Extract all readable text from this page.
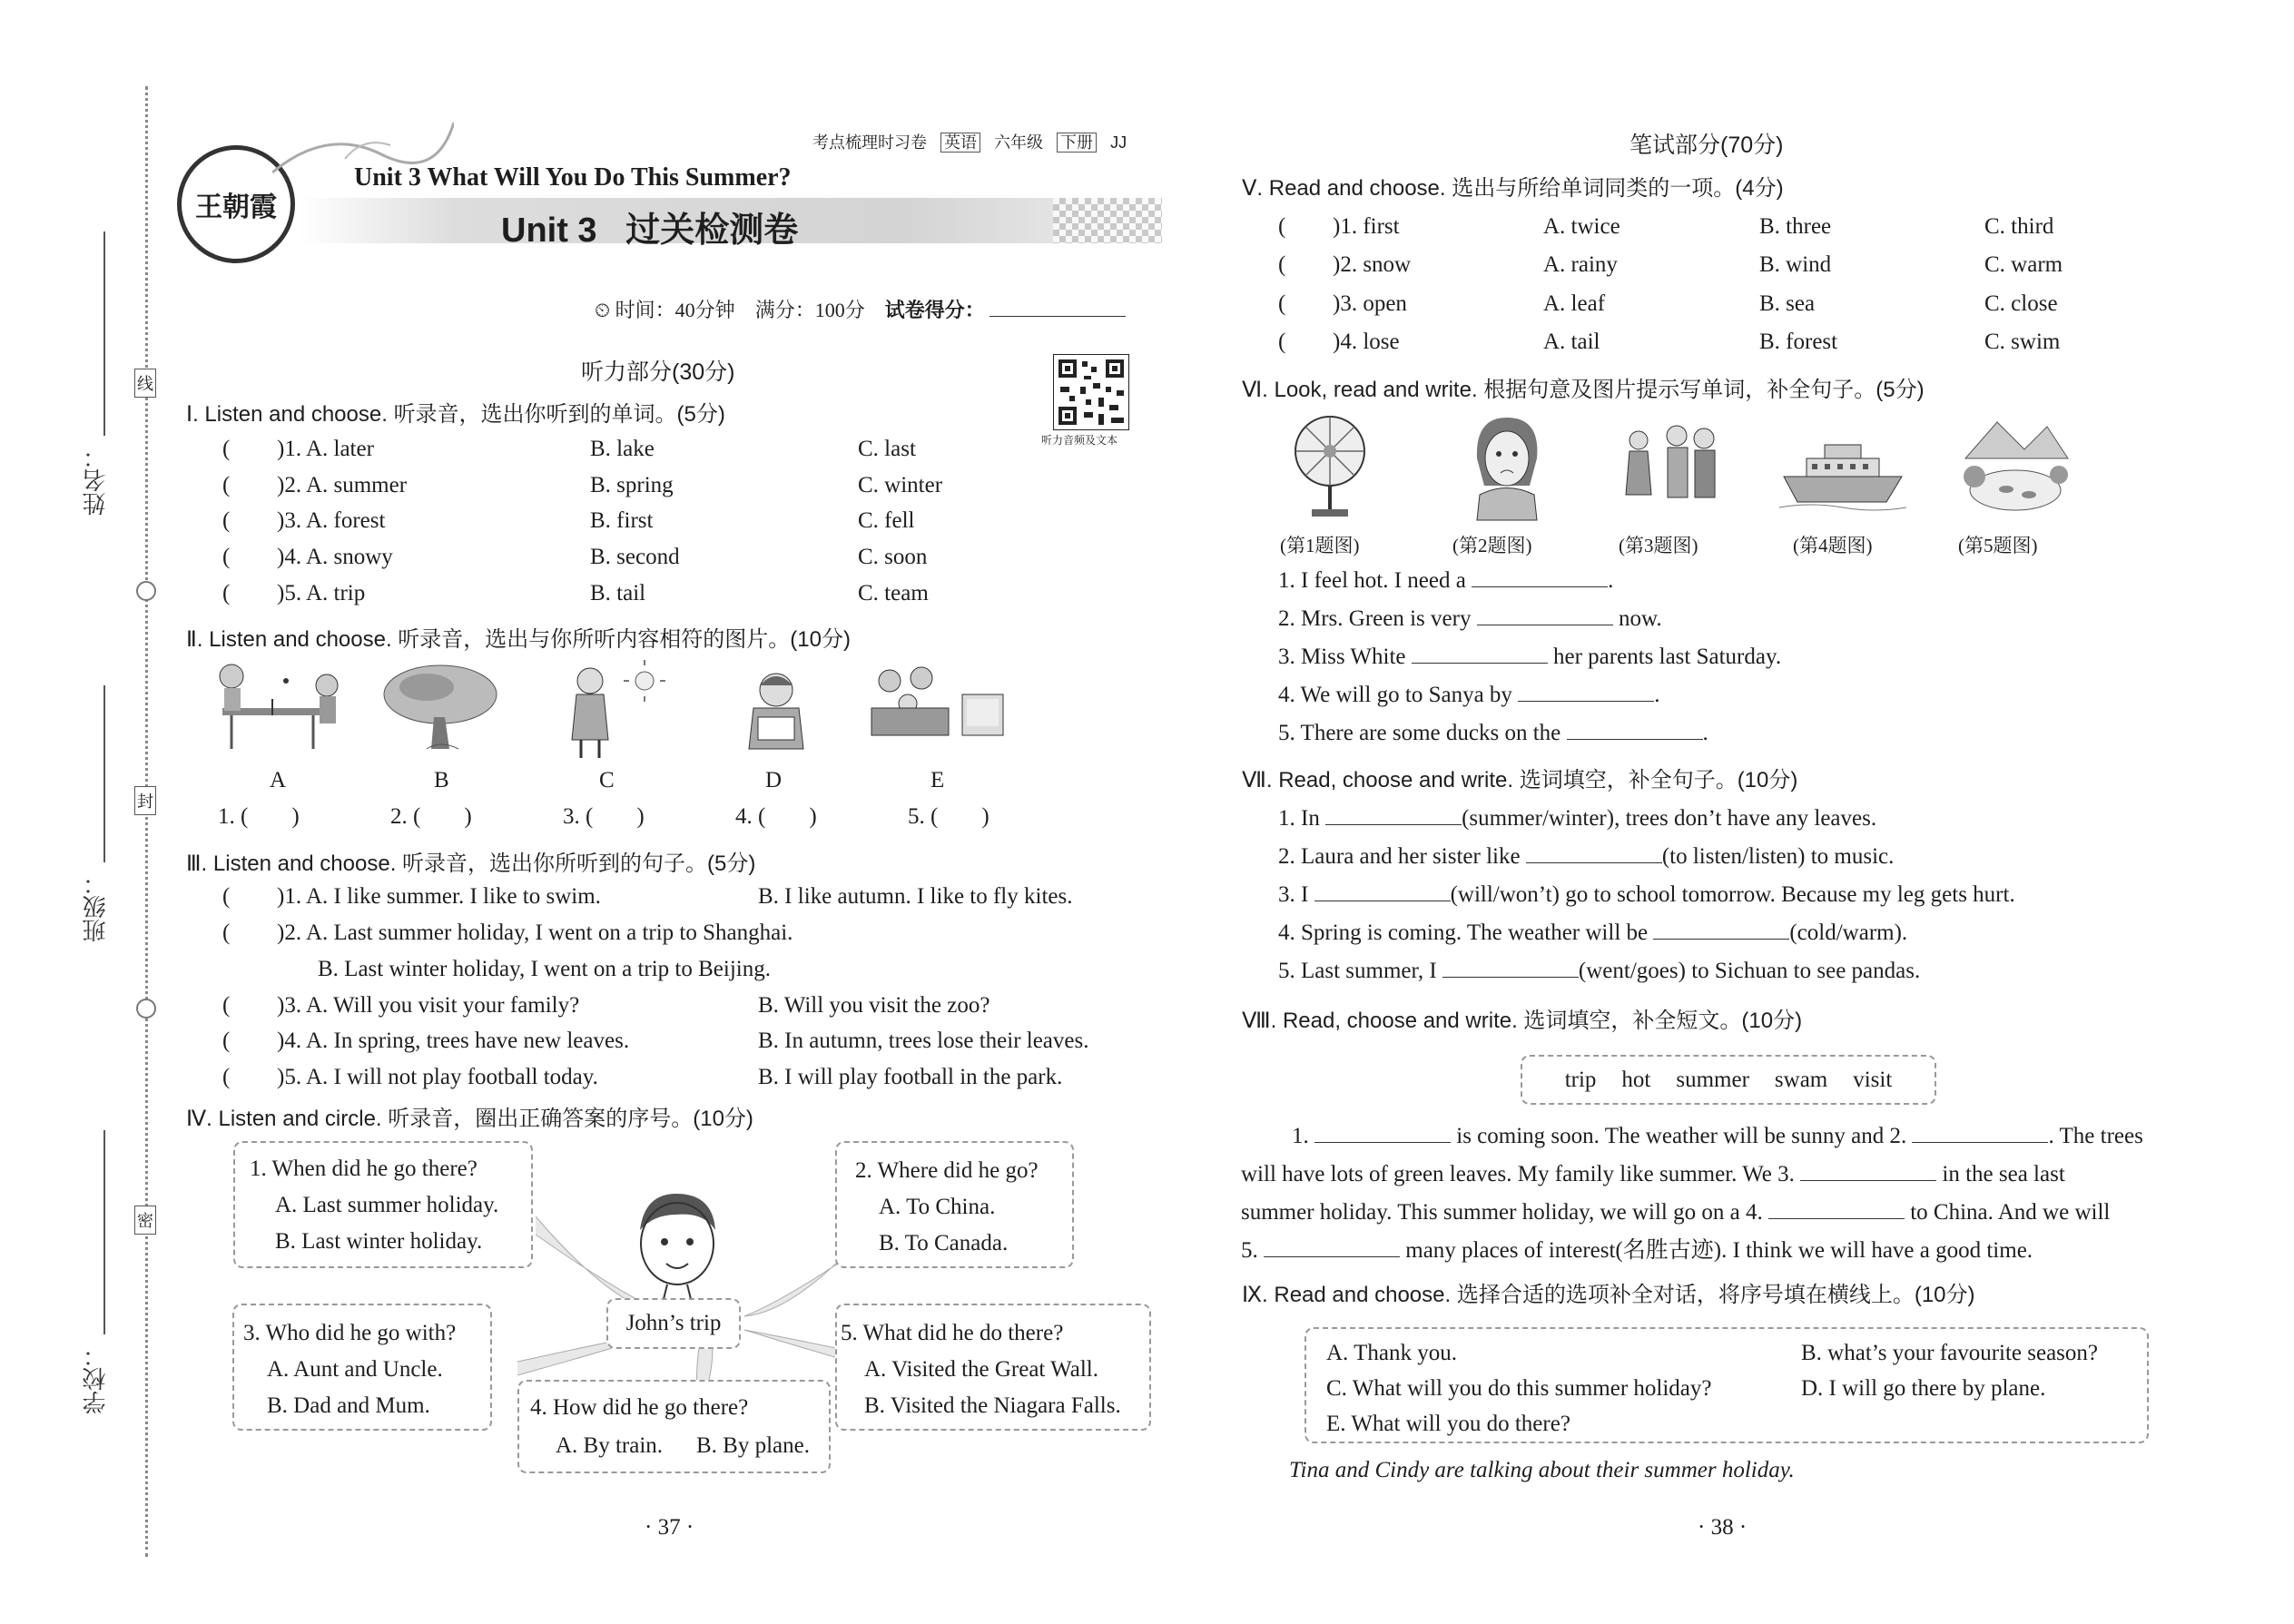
姓名：
班级：
学校：
线
封
密
考点梳理时习卷 英语 六年级 下册 JJ
Unit 3 What Will You Do This Summer?
Unit 3   过关检测卷
王朝霞
⏲ 时间：40分钟 满分：100分 试卷得分：
听力音频及文本
听力部分(30分)
Ⅰ. Listen and choose. 听录音，选出你听到的单词。(5分)
( )1. A. later	B. lake	C. last
( )2. A. summer	B. spring	C. winter
( )3. A. forest	B. first	C. fell
( )4. A. snowy	B. second	C. soon
( )5. A. trip	B. tail	C. team
Ⅱ. Listen and choose. 听录音，选出与你所听内容相符的图片。(10分)
A	B	C	D	E
1. ( )	2. ( )	3. ( )	4. ( )	5. ( )
Ⅲ. Listen and choose. 听录音，选出你所听到的句子。(5分)
( )1. A. I like summer. I like to swim.	B. I like autumn. I like to fly kites.
( )2. A. Last summer holiday, I went on a trip to Shanghai.
B. Last winter holiday, I went on a trip to Beijing.
( )3. A. Will you visit your family?	B. Will you visit the zoo?
( )4. A. In spring, trees have new leaves.	B. In autumn, trees lose their leaves.
( )5. A. I will not play football today.	B. I will play football in the park.
Ⅳ. Listen and circle. 听录音，圈出正确答案的序号。(10分)
John’s trip
1. When did he go there?
A. Last summer holiday.
B. Last winter holiday.
2. Where did he go?
A. To China.
B. To Canada.
3. Who did he go with?
A. Aunt and Uncle.
B. Dad and Mum.
5. What did he do there?
A. Visited the Great Wall.
B. Visited the Niagara Falls.
4. How did he go there?
A. By train. B. By plane.
· 37 ·
笔试部分(70分)
Ⅴ. Read and choose. 选出与所给单词同类的一项。(4分)
( )1. first	A. twice	B. three	C. third
( )2. snow	A. rainy	B. wind	C. warm
( )3. open	A. leaf	B. sea	C. close
( )4. lose	A. tail	B. forest	C. swim
Ⅵ. Look, read and write. 根据句意及图片提示写单词，补全句子。(5分)
(第1题图)	(第2题图)	(第3题图)	(第4题图)	(第5题图)
1. I feel hot. I need a	.
2. Mrs. Green is very	now.
3. Miss White	her parents last Saturday.
4. We will go to Sanya by	.
5. There are some ducks on the	.
Ⅶ. Read, choose and write. 选词填空，补全句子。(10分)
1. In	(summer/winter), trees don’t have any leaves.
2. Laura and her sister like	(to listen/listen) to music.
3. I	(will/won’t) go to school tomorrow. Because my leg gets hurt.
4. Spring is coming. The weather will be	(cold/warm).
5. Last summer, I	(went/goes) to Sichuan to see pandas.
Ⅷ. Read, choose and write. 选词填空，补全短文。(10分)
trip hot summer swam visit
1.	is coming soon. The weather will be sunny and 2.	. The trees
will have lots of green leaves. My family like summer. We 3.	in the sea last
summer holiday. This summer holiday, we will go on a 4.	to China. And we will
5.	many places of interest(名胜古迹). I think we will have a good time.
Ⅸ. Read and choose. 选择合适的选项补全对话，将序号填在横线上。(10分)
A. Thank you.	B. what’s your favourite season?
C. What will you do this summer holiday?	D. I will go there by plane.
E. What will you do there?
Tina and Cindy are talking about their summer holiday.
· 38 ·
